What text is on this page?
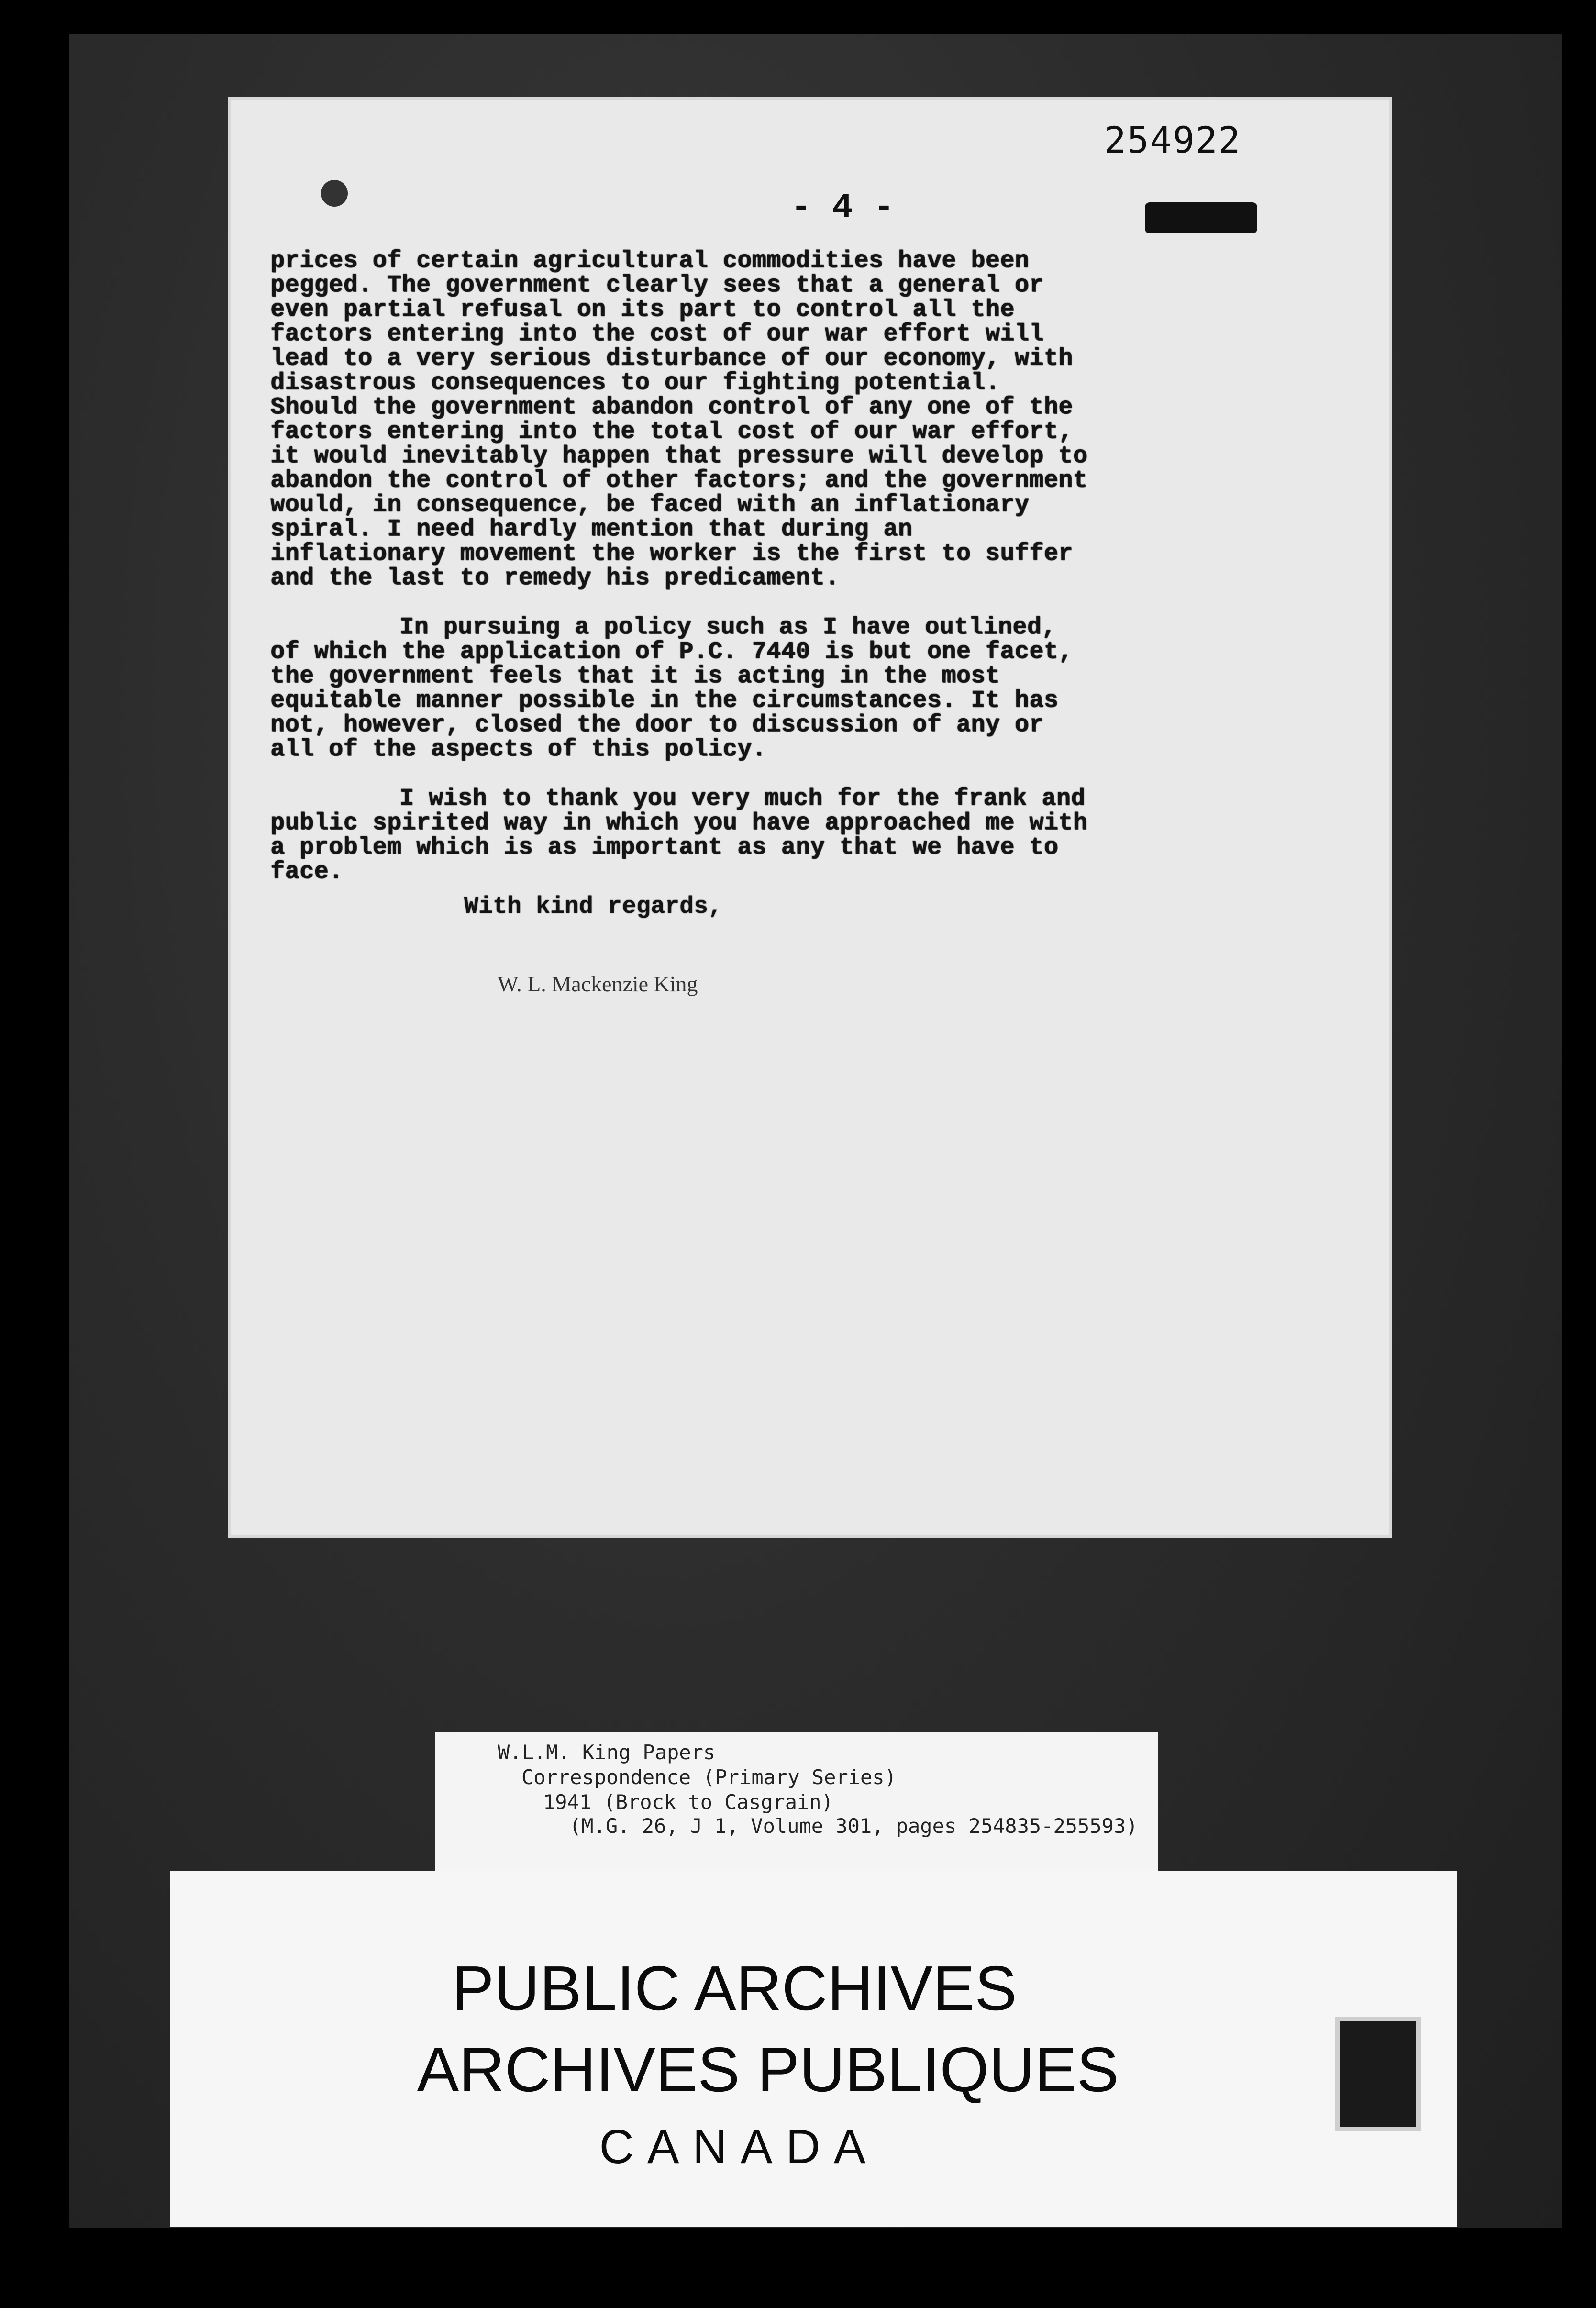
254922
- 4 -

prices of certain agricultural commodities have been pegged. The government clearly sees that a general or even partial refusal on its part to control all the factors entering into the cost of our war effort will lead to a very serious disturbance of our economy, with disastrous consequences to our fighting potential. Should the government abandon control of any one of the factors entering into the total cost of our war effort, it would inevitably happen that pressure will develop to abandon the control of other factors; and the government would, in consequence, be faced with an inflationary spiral. I need hardly mention that during an inflationary movement the worker is the first to suffer and the last to remedy his predicament.

In pursuing a policy such as I have outlined, of which the application of P.C. 7440 is but one facet, the government feels that it is acting in the most equitable manner possible in the circumstances. It has not, however, closed the door to discussion of any or all of the aspects of this policy.

I wish to thank you very much for the frank and public spirited way in which you have approached me with a problem which is as important as any that we have to face.

With kind regards,
W. L. Mackenzie King
W.L.M. King Papers
Correspondence (Primary Series)
1941 (Brock to Casgrain)
(M.G. 26, J 1, Volume 301, pages 254835-255593)
PUBLIC ARCHIVES
ARCHIVES PUBLIQUES
CANADA
